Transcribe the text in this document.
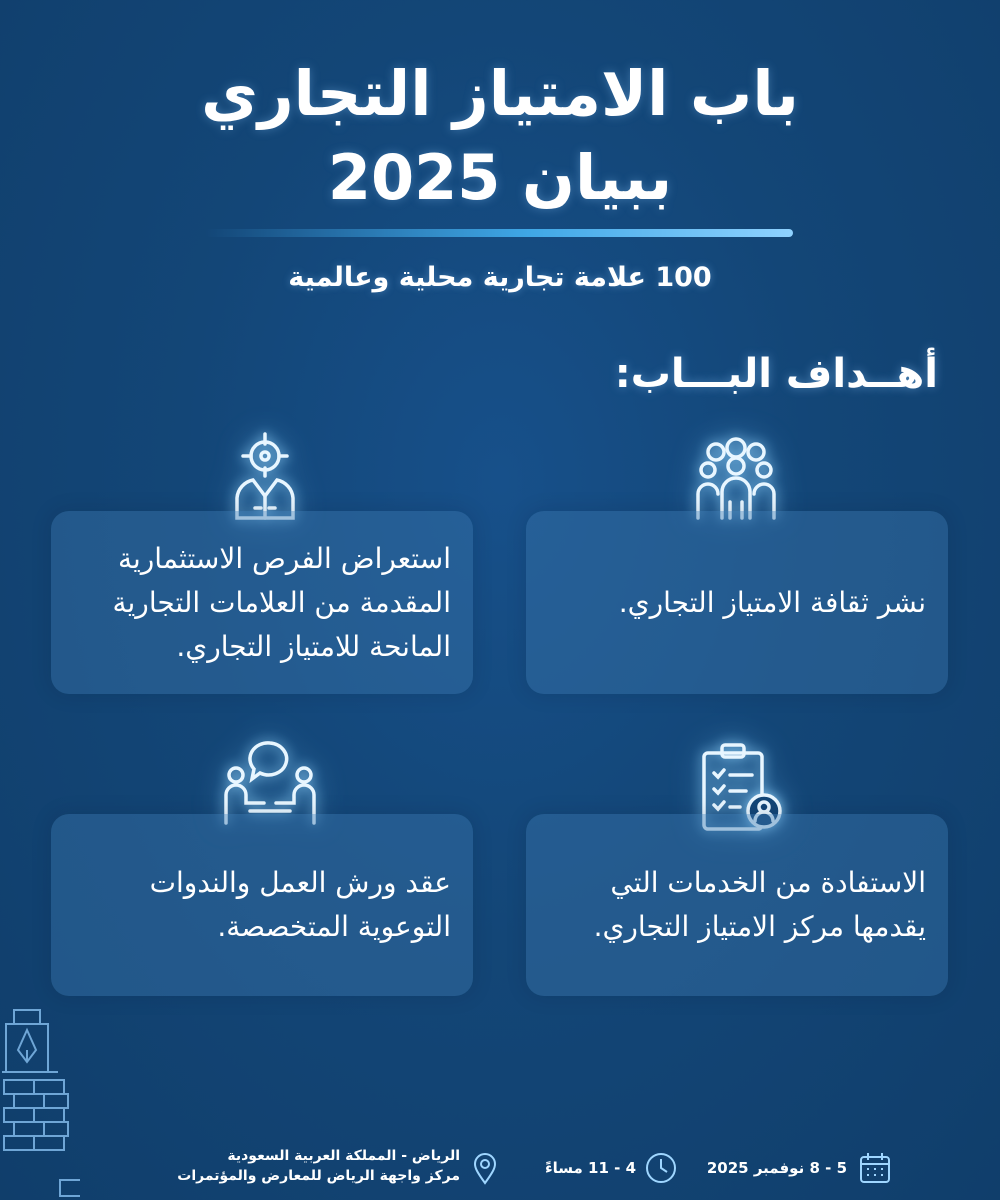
باب الامتياز التجاري
ببيان 2025
100 علامة تجارية محلية وعالمية
أهــداف البـــاب:
نشر ثقافة الامتياز التجاري.
استعراض الفرص الاستثمارية المقدمة من العلامات التجارية المانحة للامتياز التجاري.
الاستفادة من الخدمات التي يقدمها مركز الامتياز التجاري.
عقد ورش العمل والندوات التوعوية المتخصصة.
5 - 8 نوفمبر 2025
4 - 11 مساءً
الرياض - المملكة العربية السعودية
مركز واجهة الرياض للمعارض والمؤتمرات
